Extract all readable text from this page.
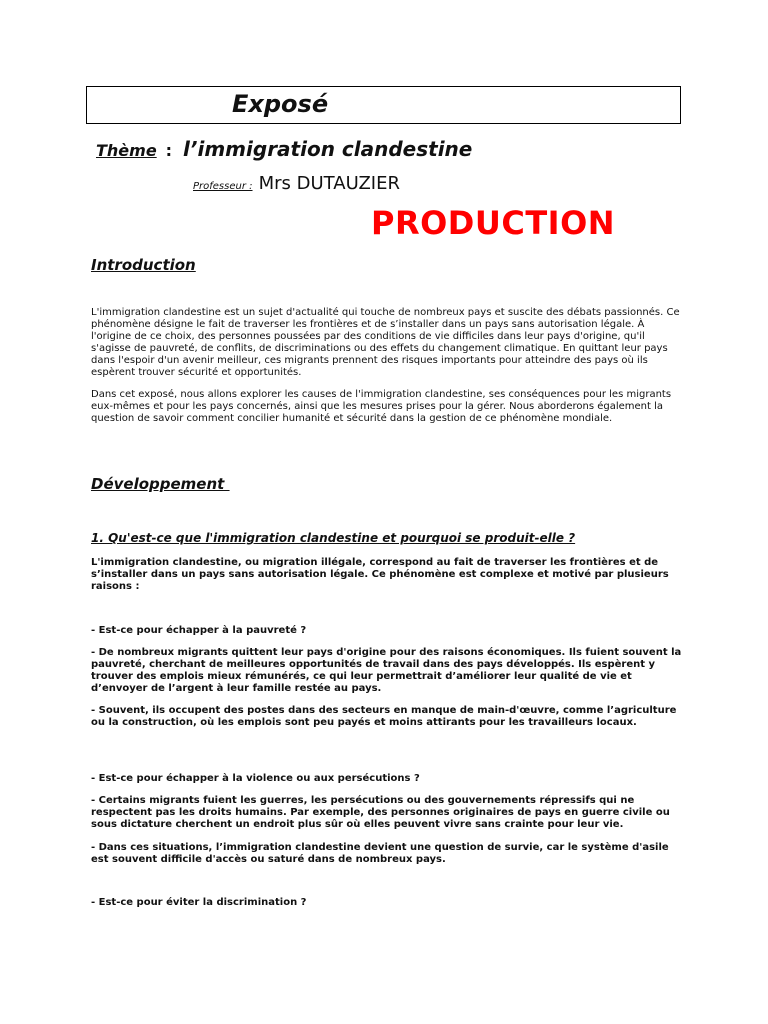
Exposé
Thème : l’immigration clandestine
Professeur : Mrs DUTAUZIER
PRODUCTION
Introduction

L'immigration clandestine est un sujet d'actualité qui touche de nombreux pays et suscite des débats passionnés. Ce phénomène désigne le fait de traverser les frontières et de s’installer dans un pays sans autorisation légale. À l'origine de ce choix, des personnes poussées par des conditions de vie difficiles dans leur pays d'origine, qu'il s'agisse de pauvreté, de conflits, de discriminations ou des effets du changement climatique. En quittant leur pays dans l'espoir d'un avenir meilleur, ces migrants prennent des risques importants pour atteindre des pays où ils espèrent trouver sécurité et opportunités.

Dans cet exposé, nous allons explorer les causes de l'immigration clandestine, ses conséquences pour les migrants eux-mêmes et pour les pays concernés, ainsi que les mesures prises pour la gérer. Nous aborderons également la question de savoir comment concilier humanité et sécurité dans la gestion de ce phénomène mondiale.

Développement
1. Qu'est-ce que l'immigration clandestine et pourquoi se produit-elle ?

L'immigration clandestine, ou migration illégale, correspond au fait de traverser les frontières et de s’installer dans un pays sans autorisation légale. Ce phénomène est complexe et motivé par plusieurs raisons :

- Est-ce pour échapper à la pauvreté ?

- De nombreux migrants quittent leur pays d'origine pour des raisons économiques. Ils fuient souvent la pauvreté, cherchant de meilleures opportunités de travail dans des pays développés. Ils espèrent y trouver des emplois mieux rémunérés, ce qui leur permettrait d’améliorer leur qualité de vie et d’envoyer de l’argent à leur famille restée au pays.

- Souvent, ils occupent des postes dans des secteurs en manque de main-d'œuvre, comme l’agriculture ou la construction, où les emplois sont peu payés et moins attirants pour les travailleurs locaux.

- Est-ce pour échapper à la violence ou aux persécutions ?

- Certains migrants fuient les guerres, les persécutions ou des gouvernements répressifs qui ne respectent pas les droits humains. Par exemple, des personnes originaires de pays en guerre civile ou sous dictature cherchent un endroit plus sûr où elles peuvent vivre sans crainte pour leur vie.

- Dans ces situations, l’immigration clandestine devient une question de survie, car le système d'asile est souvent difficile d'accès ou saturé dans de nombreux pays.

- Est-ce pour éviter la discrimination ?
